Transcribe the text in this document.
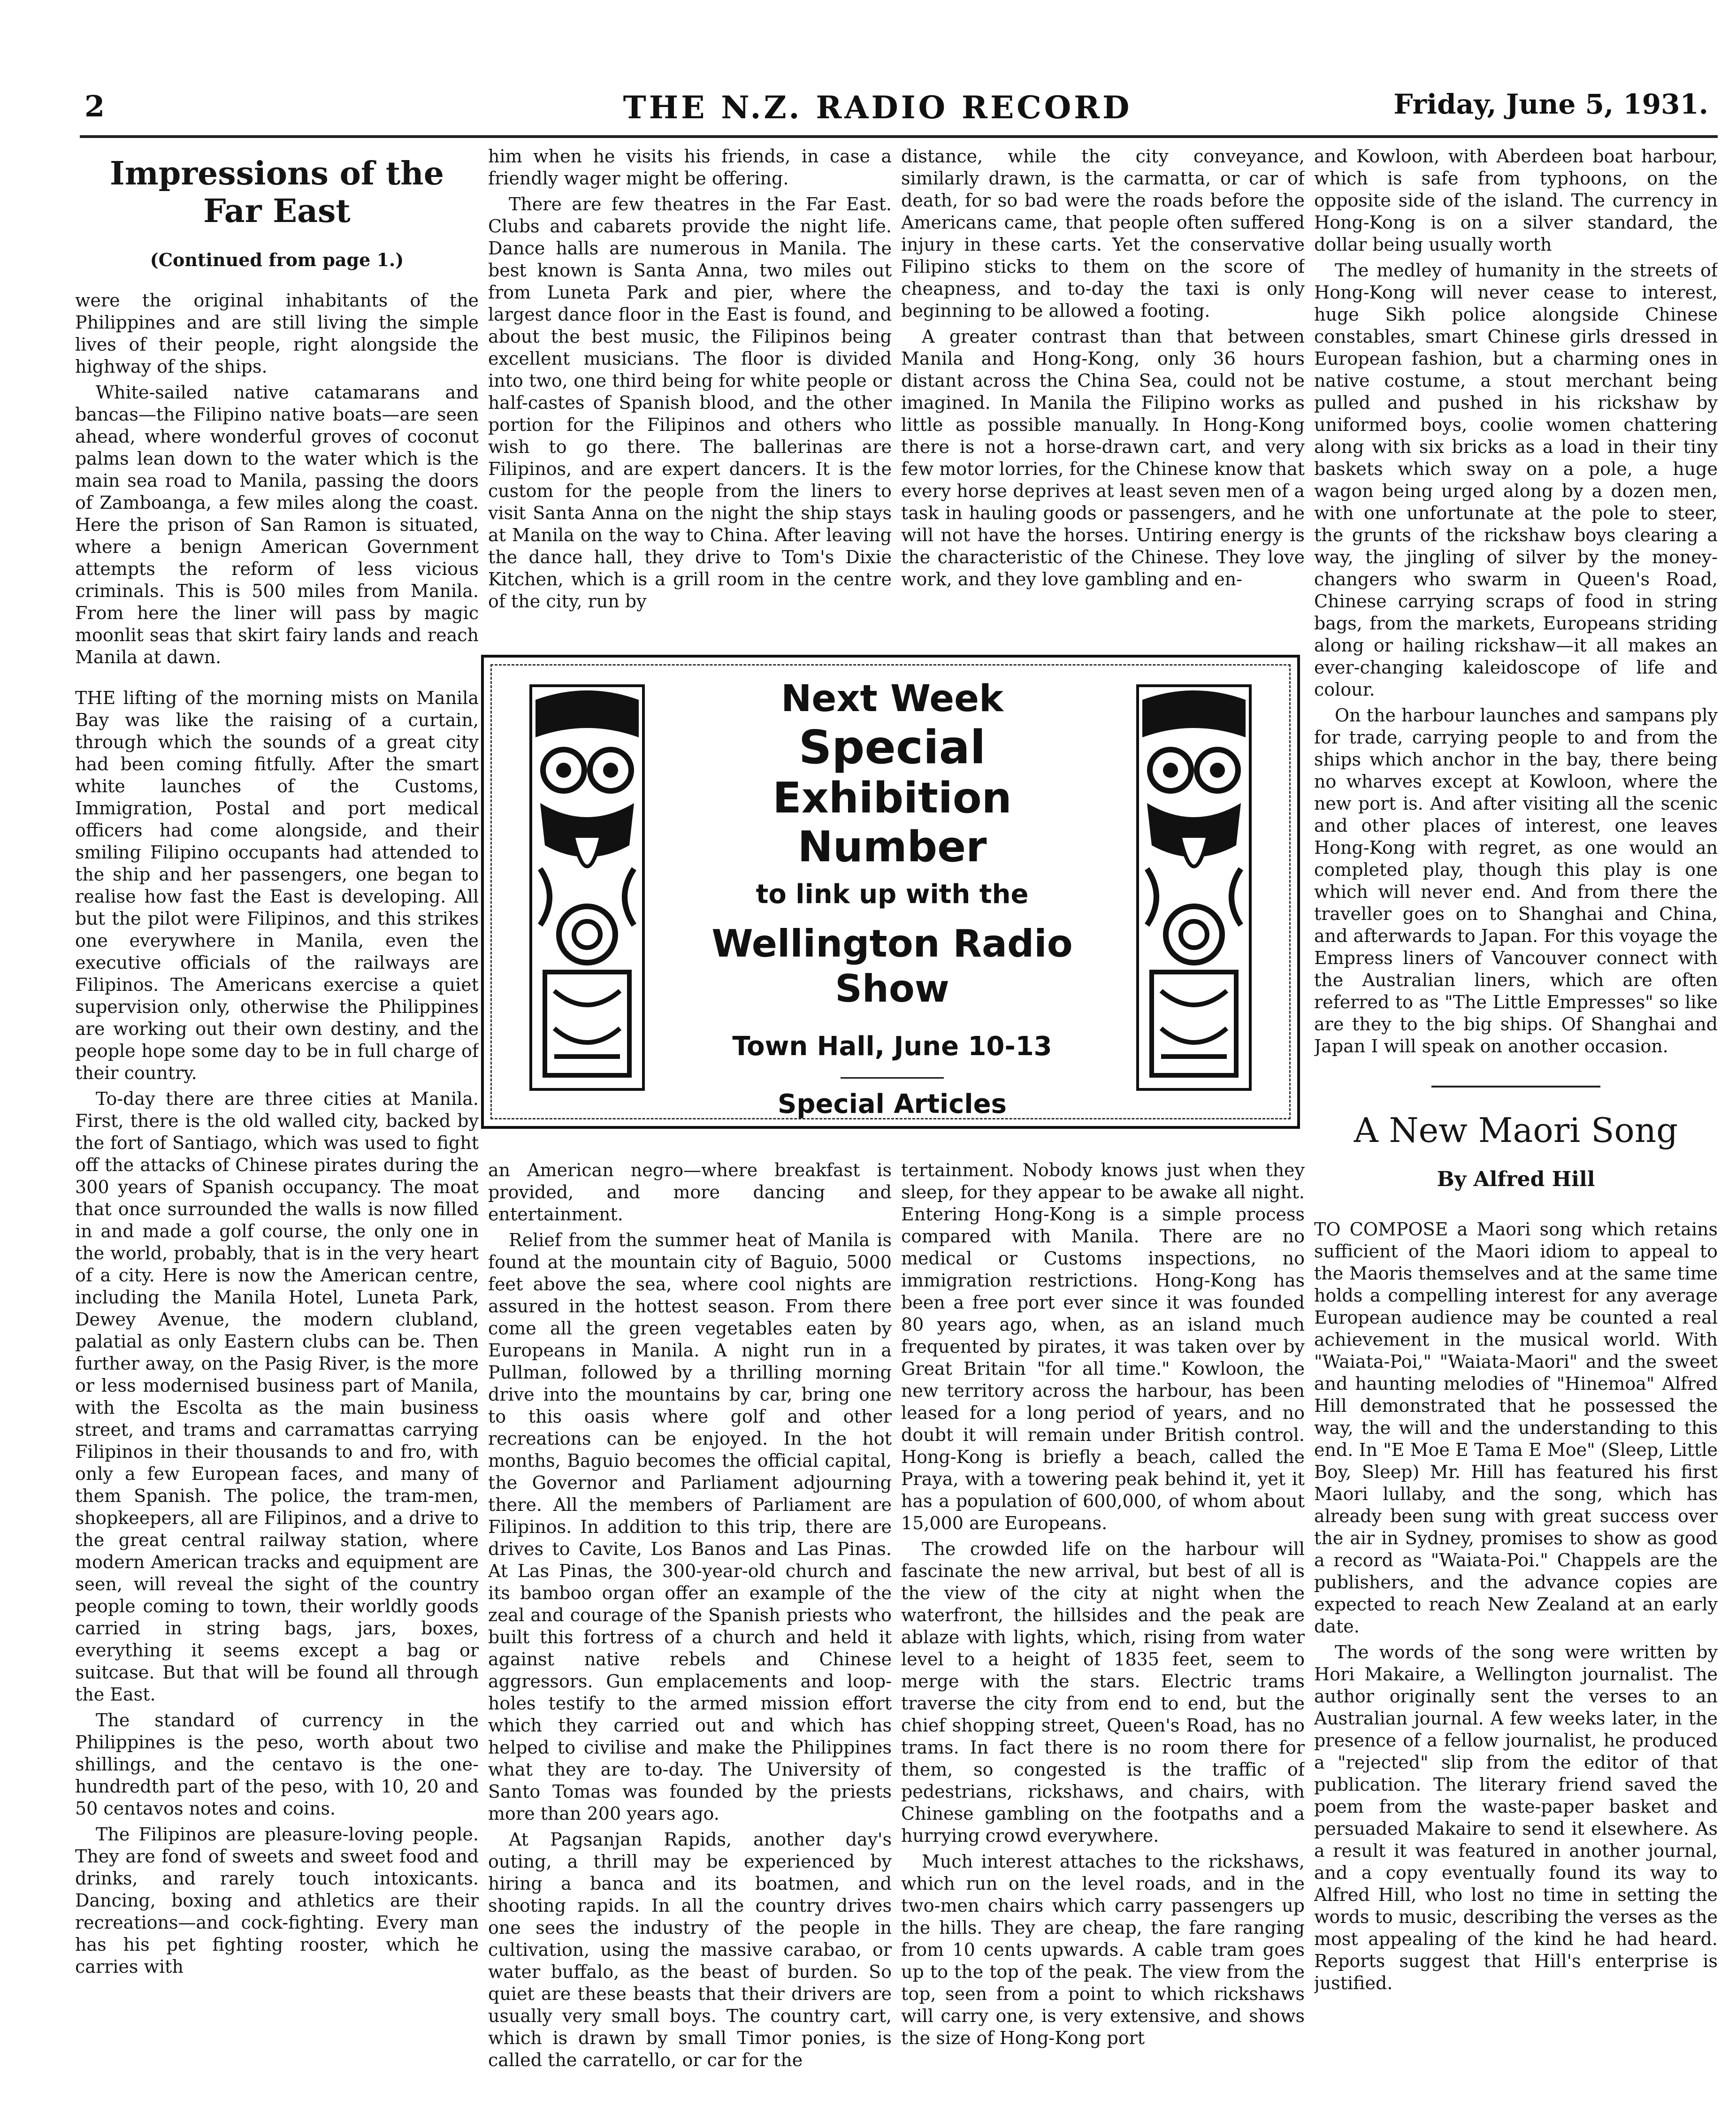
2	THE N.Z. RADIO RECORD	Friday, June 5, 1931.
Impressions of the Far East
(Continued from page 1.)

were the original inhabitants of the Philippines and are still living the simple lives of their people, right alongside the highway of the ships.

White-sailed native catamarans and bancas—the Filipino native boats—are seen ahead, where wonderful groves of coconut palms lean down to the water which is the main sea road to Manila, passing the doors of Zamboanga, a few miles along the coast. Here the prison of San Ramon is situated, where a benign American Government attempts the reform of less vicious criminals. This is 500 miles from Manila. From here the liner will pass by magic moonlit seas that skirt fairy lands and reach Manila at dawn.

THE lifting of the morning mists on Manila Bay was like the raising of a curtain, through which the sounds of a great city had been coming fitfully. After the smart white launches of the Customs, Immigration, Postal and port medical officers had come alongside, and their smiling Filipino occupants had attended to the ship and her passengers, one began to realise how fast the East is developing. All but the pilot were Filipinos, and this strikes one everywhere in Manila, even the executive officials of the railways are Filipinos. The Americans exercise a quiet supervision only, otherwise the Philippines are working out their own destiny, and the people hope some day to be in full charge of their country.

To-day there are three cities at Manila. First, there is the old walled city, backed by the fort of Santiago, which was used to fight off the attacks of Chinese pirates during the 300 years of Spanish occupancy. The moat that once surrounded the walls is now filled in and made a golf course, the only one in the world, probably, that is in the very heart of a city. Here is now the American centre, including the Manila Hotel, Luneta Park, Dewey Avenue, the modern clubland, palatial as only Eastern clubs can be. Then further away, on the Pasig River, is the more or less modernised business part of Manila, with the Escolta as the main business street, and trams and carramattas carrying Filipinos in their thousands to and fro, with only a few European faces, and many of them Spanish. The police, the tram-men, shopkeepers, all are Filipinos, and a drive to the great central railway station, where modern American tracks and equipment are seen, will reveal the sight of the country people coming to town, their worldly goods carried in string bags, jars, boxes, everything it seems except a bag or suitcase. But that will be found all through the East.

The standard of currency in the Philippines is the peso, worth about two shillings, and the centavo is the one-hundredth part of the peso, with 10, 20 and 50 centavos notes and coins.

The Filipinos are pleasure-loving people. They are fond of sweets and sweet food and drinks, and rarely touch intoxicants. Dancing, boxing and athletics are their recreations—and cock-fighting. Every man has his pet fighting rooster, which he carries with

him when he visits his friends, in case a friendly wager might be offering.

There are few theatres in the Far East. Clubs and cabarets provide the night life. Dance halls are numerous in Manila. The best known is Santa Anna, two miles out from Luneta Park and pier, where the largest dance floor in the East is found, and about the best music, the Filipinos being excellent musicians. The floor is divided into two, one third being for white people or half-castes of Spanish blood, and the other portion for the Filipinos and others who wish to go there. The ballerinas are Filipinos, and are expert dancers. It is the custom for the people from the liners to visit Santa Anna on the night the ship stays at Manila on the way to China. After leaving the dance hall, they drive to Tom's Dixie Kitchen, which is a grill room in the centre of the city, run by

distance, while the city conveyance, similarly drawn, is the carmatta, or car of death, for so bad were the roads before the Americans came, that people often suffered injury in these carts. Yet the conservative Filipino sticks to them on the score of cheapness, and to-day the taxi is only beginning to be allowed a footing.

A greater contrast than that between Manila and Hong-Kong, only 36 hours distant across the China Sea, could not be imagined. In Manila the Filipino works as little as possible manually. In Hong-Kong there is not a horse-drawn cart, and very few motor lorries, for the Chinese know that every horse deprives at least seven men of a task in hauling goods or passengers, and he will not have the horses. Untiring energy is the characteristic of the Chinese. They love work, and they love gambling and en-

Next Week
Special
Exhibition Number
to link up with the
Wellington Radio
Show
Town Hall, June 10-13
Special Articles

an American negro—where breakfast is provided, and more dancing and entertainment.

Relief from the summer heat of Manila is found at the mountain city of Baguio, 5000 feet above the sea, where cool nights are assured in the hottest season. From there come all the green vegetables eaten by Europeans in Manila. A night run in a Pullman, followed by a thrilling morning drive into the mountains by car, bring one to this oasis where golf and other recreations can be enjoyed. In the hot months, Baguio becomes the official capital, the Governor and Parliament adjourning there. All the members of Parliament are Filipinos. In addition to this trip, there are drives to Cavite, Los Banos and Las Pinas. At Las Pinas, the 300-year-old church and its bamboo organ offer an example of the zeal and courage of the Spanish priests who built this fortress of a church and held it against native rebels and Chinese aggressors. Gun emplacements and loop-holes testify to the armed mission effort which they carried out and which has helped to civilise and make the Philippines what they are to-day. The University of Santo Tomas was founded by the priests more than 200 years ago.

At Pagsanjan Rapids, another day's outing, a thrill may be experienced by hiring a banca and its boatmen, and shooting rapids. In all the country drives one sees the industry of the people in cultivation, using the massive carabao, or water buffalo, as the beast of burden. So quiet are these beasts that their drivers are usually very small boys. The country cart, which is drawn by small Timor ponies, is called the carratello, or car for the

tertainment. Nobody knows just when they sleep, for they appear to be awake all night. Entering Hong-Kong is a simple process compared with Manila. There are no medical or Customs inspections, no immigration restrictions. Hong-Kong has been a free port ever since it was founded 80 years ago, when, as an island much frequented by pirates, it was taken over by Great Britain "for all time." Kowloon, the new territory across the harbour, has been leased for a long period of years, and no doubt it will remain under British control. Hong-Kong is briefly a beach, called the Praya, with a towering peak behind it, yet it has a population of 600,000, of whom about 15,000 are Europeans.

The crowded life on the harbour will fascinate the new arrival, but best of all is the view of the city at night when the waterfront, the hillsides and the peak are ablaze with lights, which, rising from water level to a height of 1835 feet, seem to merge with the stars. Electric trams traverse the city from end to end, but the chief shopping street, Queen's Road, has no trams. In fact there is no room there for them, so congested is the traffic of pedestrians, rickshaws, and chairs, with Chinese gambling on the footpaths and a hurrying crowd everywhere.

Much interest attaches to the rickshaws, which run on the level roads, and in the two-men chairs which carry passengers up the hills. They are cheap, the fare ranging from 10 cents upwards. A cable tram goes up to the top of the peak. The view from the top, seen from a point to which rickshaws will carry one, is very extensive, and shows the size of Hong-Kong port

and Kowloon, with Aberdeen boat harbour, which is safe from typhoons, on the opposite side of the island. The currency in Hong-Kong is on a silver standard, the dollar being usually worth

The medley of humanity in the streets of Hong-Kong will never cease to interest, huge Sikh police alongside Chinese constables, smart Chinese girls dressed in European fashion, but a charming ones in native costume, a stout merchant being pulled and pushed in his rickshaw by uniformed boys, coolie women chattering along with six bricks as a load in their tiny baskets which sway on a pole, a huge wagon being urged along by a dozen men, with one unfortunate at the pole to steer, the grunts of the rickshaw boys clearing a way, the jingling of silver by the money-changers who swarm in Queen's Road, Chinese carrying scraps of food in string bags, from the markets, Europeans striding along or hailing rickshaw—it all makes an ever-changing kaleidoscope of life and colour.

On the harbour launches and sampans ply for trade, carrying people to and from the ships which anchor in the bay, there being no wharves except at Kowloon, where the new port is. And after visiting all the scenic and other places of interest, one leaves Hong-Kong with regret, as one would an completed play, though this play is one which will never end. And from there the traveller goes on to Shanghai and China, and afterwards to Japan. For this voyage the Empress liners of Vancouver connect with the Australian liners, which are often referred to as "The Little Empresses" so like are they to the big ships. Of Shanghai and Japan I will speak on another occasion.

A New Maori Song
By Alfred Hill

TO COMPOSE a Maori song which retains sufficient of the Maori idiom to appeal to the Maoris themselves and at the same time holds a compelling interest for any average European audience may be counted a real achievement in the musical world. With "Waiata-Poi," "Waiata-Maori" and the sweet and haunting melodies of "Hinemoa" Alfred Hill demonstrated that he possessed the way, the will and the understanding to this end. In "E Moe E Tama E Moe" (Sleep, Little Boy, Sleep) Mr. Hill has featured his first Maori lullaby, and the song, which has already been sung with great success over the air in Sydney, promises to show as good a record as "Waiata-Poi." Chappels are the publishers, and the advance copies are expected to reach New Zealand at an early date.

The words of the song were written by Hori Makaire, a Wellington journalist. The author originally sent the verses to an Australian journal. A few weeks later, in the presence of a fellow journalist, he produced a "rejected" slip from the editor of that publication. The literary friend saved the poem from the waste-paper basket and persuaded Makaire to send it elsewhere. As a result it was featured in another journal, and a copy eventually found its way to Alfred Hill, who lost no time in setting the words to music, describing the verses as the most appealing of the kind he had heard. Reports suggest that Hill's enterprise is justified.
